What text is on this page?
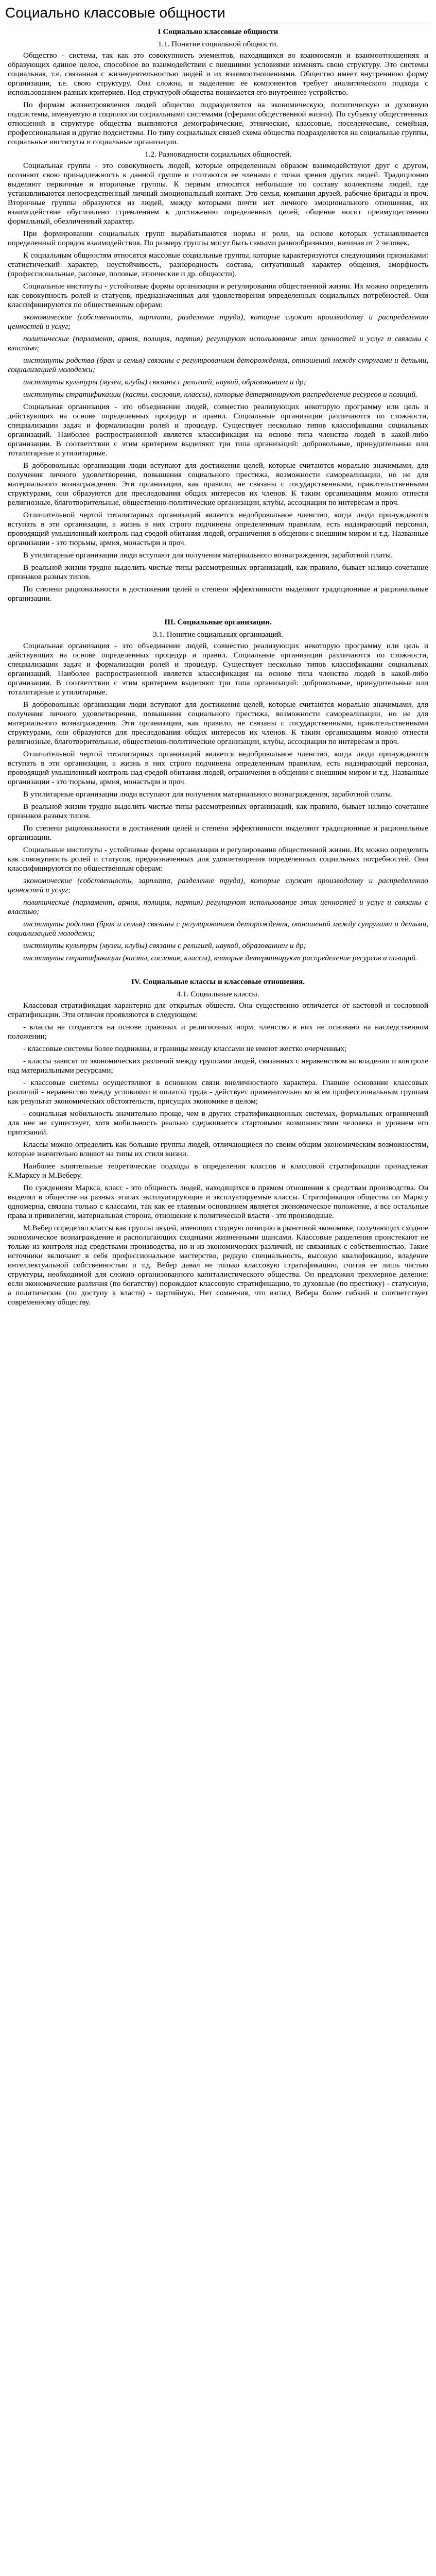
Социально классовые общности
I Социально классовые общности
1.1. Понятие социальной общности.

Общество - система, так как это совокупность элементов, находящихся во взаимосвязи и взаимоотношениях и образующих единое целое, способное во взаимодействии с внешними условиями изменять свою структуру. Это системы социальная, т.е. связанная с жизнедеятельностью людей и их взаимоотношениями. Общество имеет внутреннюю форму организации, т.е. свою структуру. Она сложна, и выделение ее компонентов требует аналитического подхода с использованием разных критериев. Под структурой общества понимается его внутреннее устройство.

По формам жизнепроявления людей общество подразделяется на экономическую, политическую и духовную подсистемы, именуемую в социологии социальными системами (сферами общественной жизни). По субъекту общественных отношений в структуре общества выявляются демографические, этнические, классовые, поселенческие, семейная, профессиональная и другие подсистемы. По типу социальных связей схема общества подразделяется на социальные группы, социальные институты и социальные организации.

1.2. Разновидности социальных общностей.

Социальная группа - это совокупность людей, которые определенным образом взаимодействуют друг с другом, осознают свою принадлежность к данной группе и считаются ее членами с точки зрения других людей. Традиционно выделяют первичные и вторичные группы. К первым относятся небольшие по составу коллективы людей, где устанавливаются непосредственный личный эмоциональный контакт. Это семья, компания друзей, рабочие бригады и проч. Вторичные группы образуются из людей, между которыми почти нет личного эмоционального отношения, их взаимодействие обусловлено стремлением к достижению определенных целей, общение носит преимущественно формальный, обезличенный характер.

При формировании социальных групп вырабатываются нормы и роли, на основе которых устанавливается определенный порядок взаимодействия. По размеру группы могут быть самыми разнообразными, начиная от 2 человек.

К социальным общностям относятся массовые социальные группы, которые характеризуются следующими признаками: статистический характер, неустойчивость, разнородность состава, ситуативный характер общения, аморфность (профессиональные, расовые, половые, этнические и др. общности).

Социальные институты - устойчивые формы организации и регулирования общественной жизни. Их можно определить как совокупность ролей и статусов, предназначенных для удовлетворения определенных социальных потребностей. Они классифицируются по общественным сферам:

экономические (собственность, зарплата, разделение труда), которые служат производству и распределению ценностей и услуг;

политические (парламент, армия, полиция, партия) регулируют использование этих ценностей и услуг и связаны с властью;

институты родства (брак и семья) связаны с регулированием деторождения, отношений между супругами и детьми, социализацией молодежи;

институты культуры (музеи, клубы) связаны с религией, наукой, образованием и др;

институты стратификации (касты, сословия, классы), которые детерминируют распределение ресурсов и позиций.

Социальная организация - это объединение людей, совместно реализующих некоторую программу или цель и действующих на основе определенных процедур и правил. Социальные организации различаются по сложности, специализации задач и формализации ролей и процедур. Существует несколько типов классификации социальных организаций. Наиболее распространенной является классификация на основе типа членства людей в какой-либо организации. В соответствии с этим критерием выделяют три типа организаций: добровольные, принудительные или тоталитарные и утилитарные.

В добровольные организации люди вступают для достижения целей, которые считаются морально значимыми, для получения личного удовлетворения, повышения социального престижа, возможности самореализации, но не для материального вознаграждения. Эти организации, как правило, не связаны с государственными, правительственными структурами, они образуются для преследования общих интересов их членов. К таким организациям можно отнести религиозные, благотворительные, общественно-политические организации, клубы, ассоциации по интересам и проч.

Отличительной чертой тоталитарных организаций является недобровольное членство, когда люди принуждаются вступать в эти организации, а жизнь в них строго подчинена определенным правилам, есть надзирающий персонал, проводящий умышленный контроль над средой обитания людей, ограничения в общении с внешним миром и т.д. Названные организации - это тюрьмы, армия, монастыри и проч.

В утилитарные организации люди вступают для получения материального вознаграждения, заработной платы.

В реальной жизни трудно выделить чистые типы рассмотренных организаций, как правило, бывает налицо сочетание признаков разных типов.

По степени рациональности в достижении целей и степени эффективности выделяют традиционные и рациональные организации.

III. Социальные организации.
3.1. Понятие социальных организаций.

Социальная организация - это объединение людей, совместно реализующих некоторую программу или цель и действующих на основе определенных процедур и правил. Социальные организации различаются по сложности, специализации задач и формализации ролей и процедур. Существует несколько типов классификации социальных организаций. Наиболее распространенной является классификация на основе типа членства людей в какой-либо организации. В соответствии с этим критерием выделяют три типа организаций: добровольные, принудительные или тоталитарные и утилитарные.

В добровольные организации люди вступают для достижения целей, которые считаются морально значимыми, для получения личного удовлетворения, повышения социального престижа, возможности самореализации, но не для материального вознаграждения. Эти организации, как правило, не связаны с государственными, правительственными структурами, они образуются для преследования общих интересов их членов. К таким организациям можно отнести религиозные, благотворительные, общественно-политические организации, клубы, ассоциации по интересам и проч.

Отличительной чертой тоталитарных организаций является недобровольное членство, когда люди принуждаются вступать в эти организации, а жизнь в них строго подчинена определенным правилам, есть надзирающий персонал, проводящий умышленный контроль над средой обитания людей, ограничения в общении с внешним миром и т.д. Названные организации - это тюрьмы, армия, монастыри и проч.

В утилитарные организации люди вступают для получения материального вознаграждения, заработной платы.

В реальной жизни трудно выделить чистые типы рассмотренных организаций, как правило, бывает налицо сочетание признаков разных типов.

По степени рациональности в достижении целей и степени эффективности выделяют традиционные и рациональные организации.

Социальные институты - устойчивые формы организации и регулирования общественной жизни. Их можно определить как совокупность ролей и статусов, предназначенных для удовлетворения определенных социальных потребностей. Они классифицируются по общественным сферам:

экономические (собственность, зарплата, разделение труда), которые служат производству и распределению ценностей и услуг;

политические (парламент, армия, полиция, партия) регулируют использование этих ценностей и услуг и связаны с властью;

институты родства (брак и семья) связаны с регулированием деторождения, отношений между супругами и детьми, социализацией молодежи;

институты культуры (музеи, клубы) связаны с религией, наукой, образованием и др;

институты стратификации (касты, сословия, классы), которые детерминируют распределение ресурсов и позиций.

IV. Социальные классы и классовые отношения.
4.1. Социальные классы.

Классовая стратификация характерна для открытых обществ. Она существенно отличается от кастовой и сословной стратификации. Эти отличия проявляются в следующем:

- классы не создаются на основе правовых и религиозных норм, членство в них не основано на наследственном положении;

- классовые системы более подвижны, и границы между классами не имеют жестко очерченных;

- классы зависят от экономических различий между группами людей, связанных с неравенством во владении и контроле над материальными ресурсами;

- классовые системы осуществляют в основном связи внеличностного характера. Главное основание классовых различий - неравенство между условиями и оплатой труда - действует применительно ко всем профессиональным группам как результат экономических обстоятельств, присущих экономике в целом;

- социальная мобильность значительно проще, чем в других стратификационных системах, формальных ограничений для нее не существует, хотя мобильность реально сдерживается стартовыми возможностями человека и уровнем его притязаний.

Классы можно определить как большие группы людей, отличающиеся по своим общим экономическим возможностям, которые значительно влияют на типы их стиля жизни.

Наиболее влиятельные теоретические подходы в определении классов и классовой стратификации принадлежат К.Марксу и М.Веберу.

По суждениям Маркса, класс - это общность людей, находящихся в прямом отношении к средствам производства. Он выделял в обществе на разных этапах эксплуатирующие и эксплуатируемые классы. Стратификация общества по Марксу одномерна, связана только с классами, так как ее главным основанием является экономическое положение, а все остальные права и привилегии, материальная сторона, отношение к политической власти - это производные.

М.Вебер определял классы как группы людей, имеющих сходную позицию в рыночной экономике, получающих сходное экономическое вознаграждение и располагающих сходными жизненными шансами. Классовые разделения проистекают не только из контроля над средствами производства, но и из экономических различий, не связанных с собственностью. Такие источники включают в себя профессиональное мастерство, редкую специальность, высокую квалификацию, владение интеллектуальной собственностью и т.д. Вебер давал не только классовую стратификацию, считая ее лишь частью структуры, необходимой для сложно организованного капиталистического общества. Он предложил трехмерное деление: если экономические различия (по богатству) порождают классовую стратификацию, то духовные (по престижу) - статусную, а политические (по доступу к власти) - партийную. Нет сомнения, что взгляд Вебера более гибкий и соответствует современному обществу.
